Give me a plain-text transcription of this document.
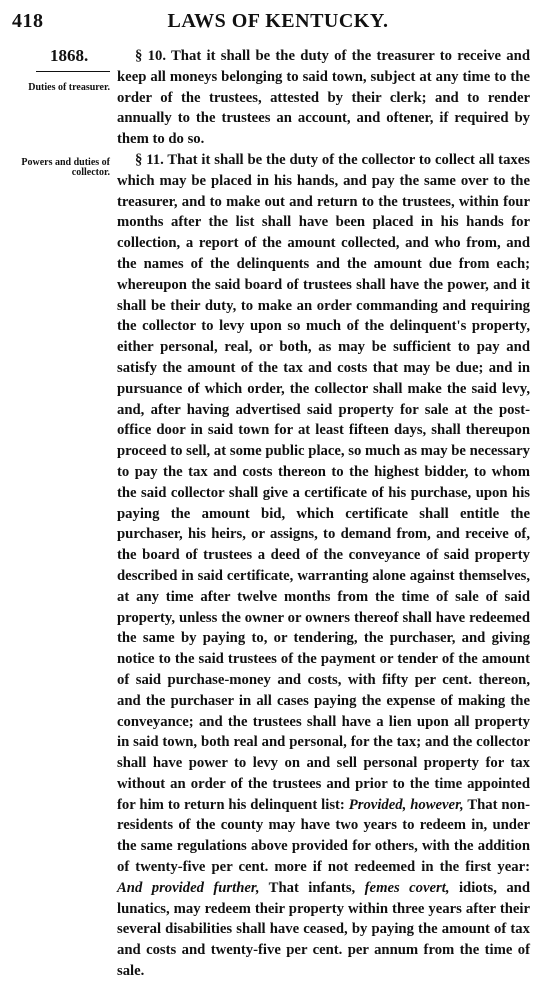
418	LAWS OF KENTUCKY.
1868.
Duties of treasurer.
Powers and duties of collector.

§ 10. That it shall be the duty of the treasurer to receive and keep all moneys belonging to said town, subject at any time to the order of the trustees, attested by their clerk; and to render annually to the trustees an account, and oftener, if required by them to do so.

§ 11. That it shall be the duty of the collector to collect all taxes which may be placed in his hands, and pay the same over to the treasurer, and to make out and return to the trustees, within four months after the list shall have been placed in his hands for collection, a report of the amount collected, and who from, and the names of the delinquents and the amount due from each; whereupon the said board of trustees shall have the power, and it shall be their duty, to make an order commanding and requiring the collector to levy upon so much of the delinquent's property, either personal, real, or both, as may be sufficient to pay and satisfy the amount of the tax and costs that may be due; and in pursuance of which order, the collector shall make the said levy, and, after having advertised said property for sale at the post-office door in said town for at least fifteen days, shall thereupon proceed to sell, at some public place, so much as may be necessary to pay the tax and costs thereon to the highest bidder, to whom the said collector shall give a certificate of his purchase, upon his paying the amount bid, which certificate shall entitle the purchaser, his heirs, or assigns, to demand from, and receive of, the board of trustees a deed of the conveyance of said property described in said certificate, warranting alone against themselves, at any time after twelve months from the time of sale of said property, unless the owner or owners thereof shall have redeemed the same by paying to, or tendering, the purchaser, and giving notice to the said trustees of the payment or tender of the amount of said purchase-money and costs, with fifty per cent. thereon, and the purchaser in all cases paying the expense of making the conveyance; and the trustees shall have a lien upon all property in said town, both real and personal, for the tax; and the collector shall have power to levy on and sell personal property for tax without an order of the trustees and prior to the time appointed for him to return his delinquent list: Provided, however, That non-residents of the county may have two years to redeem in, under the same regulations above provided for others, with the addition of twenty-five per cent. more if not redeemed in the first year: And provided further, That infants, femes covert, idiots, and lunatics, may redeem their property within three years after their several disabilities shall have ceased, by paying the amount of tax and costs and twenty-five per cent. per annum from the time of sale.
